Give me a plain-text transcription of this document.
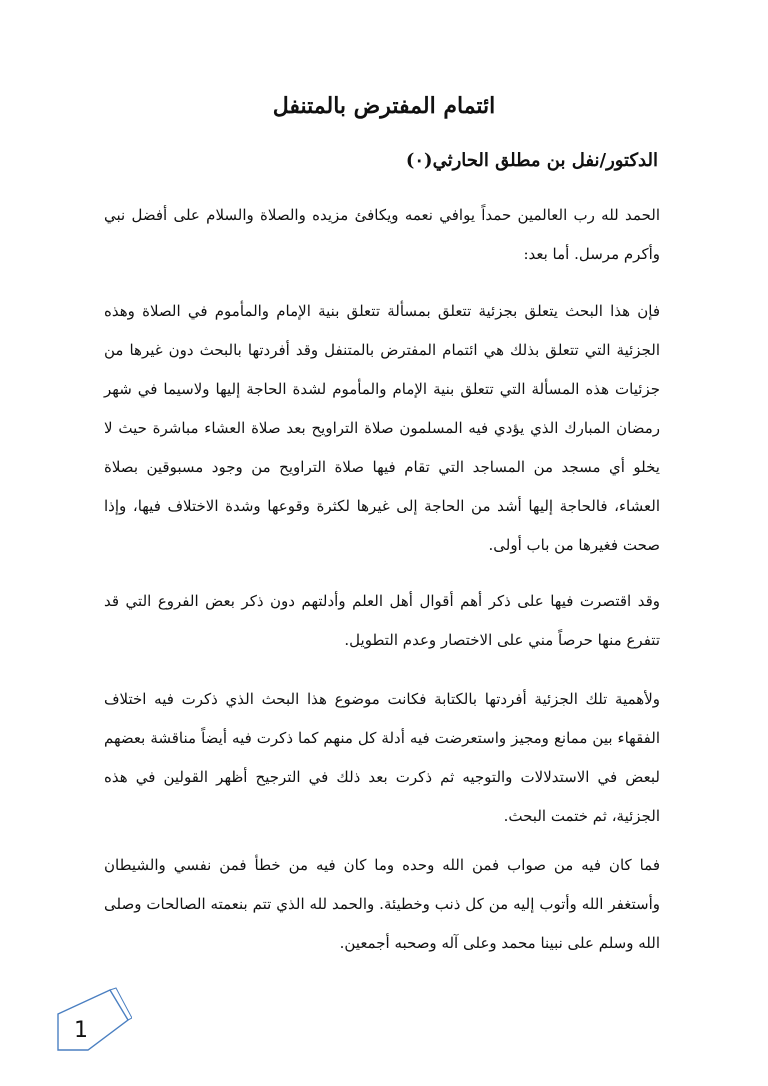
ائتمام المفترض بالمتنفل
الدكتور/نفل بن مطلق الحارثي(٠)
الحمد لله رب العالمين حمداً يوافي نعمه ويكافئ مزيده والصلاة والسلام على أفضل نبي وأكرم مرسل. أما بعد:
فإن هذا البحث يتعلق بجزئية تتعلق بمسألة تتعلق بنية الإمام والمأموم في الصلاة وهذه الجزئية التي تتعلق بذلك هي ائتمام المفترض بالمتنفل وقد أفردتها بالبحث دون غيرها من جزئيات هذه المسألة التي تتعلق بنية الإمام والمأموم لشدة الحاجة إليها ولاسيما في شهر رمضان المبارك الذي يؤدي فيه المسلمون صلاة التراويح بعد صلاة العشاء مباشرة حيث لا يخلو أي مسجد من المساجد التي تقام فيها صلاة التراويح من وجود مسبوقين بصلاة العشاء، فالحاجة إليها أشد من الحاجة إلى غيرها لكثرة وقوعها وشدة الاختلاف فيها، وإذا صحت فغيرها من باب أولى.
وقد اقتصرت فيها على ذكر أهم أقوال أهل العلم وأدلتهم دون ذكر بعض الفروع التي قد تتفرع منها حرصاً مني على الاختصار وعدم التطويل.
ولأهمية تلك الجزئية أفردتها بالكتابة فكانت موضوع هذا البحث الذي ذكرت فيه اختلاف الفقهاء بين ممانع ومجيز واستعرضت فيه أدلة كل منهم كما ذكرت فيه أيضاً مناقشة بعضهم لبعض في الاستدلالات والتوجيه ثم ذكرت بعد ذلك في الترجيح أظهر القولين في هذه الجزئية، ثم ختمت البحث.
فما كان فيه من صواب فمن الله وحده وما كان فيه من خطأ فمن نفسي والشيطان وأستغفر الله وأتوب إليه من كل ذنب وخطيئة. والحمد لله الذي تتم بنعمته الصالحات وصلى الله وسلم على نبينا محمد وعلى آله وصحبه أجمعين.
1
